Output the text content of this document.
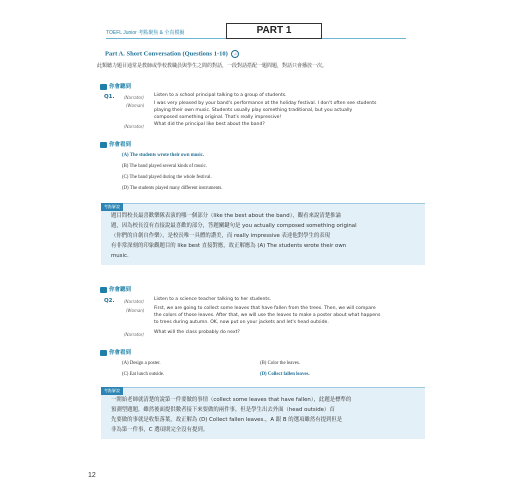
TOEFL Junior 考點聚焦 & 全真模擬	PART 1
Part A. Short Conversation (Questions 1-10) ♫
此類聽力題目通常是教師或學校教職員與學生之間的對話，一段對話搭配一題問題，對話只會播放一次。
你會聽到
Q1. (Narrator) Listen to a school principal talking to a group of students.
(Woman) I was very pleased by your band's performance at the holiday festival. I don't often see students
playing their own music. Students usually play something traditional, but you actually
composed something original. That's really impressive!
(Narrator) What did the principal like best about the band?
你會看到
(A) The students wrote their own music.
(B) The band played several kinds of music.
(C) The band played during the whole festival.
(D) The students played many different instruments.
考點解說
題目問校長最喜歡樂隊表演的哪一個部分（like the best about the band），觀看來說清楚推論
題，因為校長沒有直接說最喜歡的部分，答題關鍵句是 you actually composed something original
（你們的自創自作樂），是校長唯一具體的讚美，而 really impressive 表達他對學生的表現
有非常深刻的印象觀題目的 like best 直接對應，故正解應為 (A) The students wrote their own
music.
你會聽到
Q2. (Narrator) Listen to a science teacher talking to her students.
(Woman) First, we are going to collect some leaves that have fallen from the trees. Then, we will compare
the colors of those leaves. After that, we will use the leaves to make a poster about what happens
to trees during autumn. OK, now put on your jackets and let's head outside.
(Narrator) What will the class probably do next?
你會看到
(A) Design a poster.	(B) Color the leaves.
(C) Eat lunch outside.	(D) Collect fallen leaves.
考點解說
一開始老師就清楚的說第一件要做的事情（collect some leaves that have fallen），此題是標準的
預測型題題，雖然後面提供數者接下來要做的兩件事，但是學生出去外面（head outside）首
先要做的事就是收集落葉，故正解為 (D) Collect fallen leaves.，A 跟 B 的選項雖然有提到但是
非為第一件事，C 選項則完全沒有提到。
12
